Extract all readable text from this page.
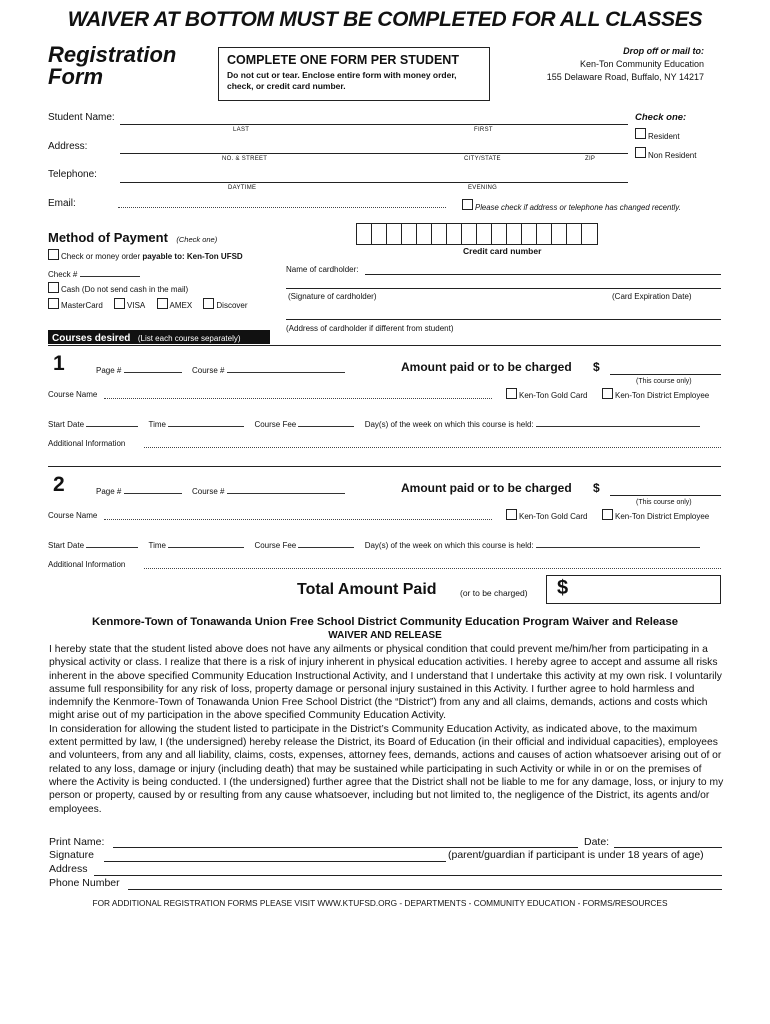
WAIVER AT BOTTOM MUST BE COMPLETED FOR ALL CLASSES
Registration
Form
COMPLETE ONE FORM PER STUDENT
Do not cut or tear. Enclose entire form with money order, check, or credit card number.
Drop off or mail to:
Ken-Ton Community Education
155 Delaware Road, Buffalo, NY 14217
Student Name:
LAST	FIRST
Address:
NO. & STREET	CITY/STATE	ZIP
Telephone:
DAYTIME	EVENING
Email:
Check one:
Resident
Non Resident
Please check if address or telephone has changed recently.
Method of Payment (Check one)
Check or money order payable to: Ken-Ton UFSD
Check #
Cash (Do not send cash in the mail)
MasterCard	VISA	AMEX	Discover
Credit card number
Name of cardholder:
(Signature of cardholder)	(Card Expiration Date)
(Address of cardholder if different from student)
Courses desired (List each course separately)
1	Page #	Course #	Amount paid or to be charged $
(This course only)
Course Name	Ken-Ton Gold Card	Ken-Ton District Employee
Start Date	Time	Course Fee	Day(s) of the week on which this course is held:
Additional Information
2	Page #	Course #	Amount paid or to be charged $
(This course only)
Course Name	Ken-Ton Gold Card	Ken-Ton District Employee
Start Date	Time	Course Fee	Day(s) of the week on which this course is held:
Additional Information
Total Amount Paid	(or to be charged) $
Kenmore-Town of Tonawanda Union Free School District Community Education Program Waiver and Release
WAIVER AND RELEASE

I hereby state that the student listed above does not have any ailments or physical condition that could prevent me/him/her from participating in a physical activity or class. I realize that there is a risk of injury inherent in physical education activities. I hereby agree to accept and assume all risks inherent in the above specified Community Education Instructional Activity, and I understand that I undertake this activity at my own risk. I voluntarily assume full responsibility for any risk of loss, property damage or personal injury sustained in this Activity. I further agree to hold harmless and indemnify the Kenmore-Town of Tonawanda Union Free School District (the “District”) from any and all claims, demands, actions and costs which might arise out of my participation in the above specified Community Education Activity.

In consideration for allowing the student listed to participate in the District’s Community Education Activity, as indicated above, to the maximum extent permitted by law, I (the undersigned) hereby release the District, its Board of Education (in their official and individual capacities), employees and volunteers, from any and all liability, claims, costs, expenses, attorney fees, demands, actions and causes of action whatsoever arising out of or related to any loss, damage or injury (including death) that may be sustained while participating in such Activity or while in or on the premises of where the Activity is being conducted. I (the undersigned) further agree that the District shall not be liable to me for any damage, loss, or injury to my person or property, caused by or resulting from any cause whatsoever, including but not limited to, the negligence of the District, its agents and/or employees.

Print Name:	Date:
Signature	(parent/guardian if participant is under 18 years of age)
Address
Phone Number
FOR ADDITIONAL REGISTRATION FORMS PLEASE VISIT WWW.KTUFSD.ORG - DEPARTMENTS - COMMUNITY EDUCATION - FORMS/RESOURCES
